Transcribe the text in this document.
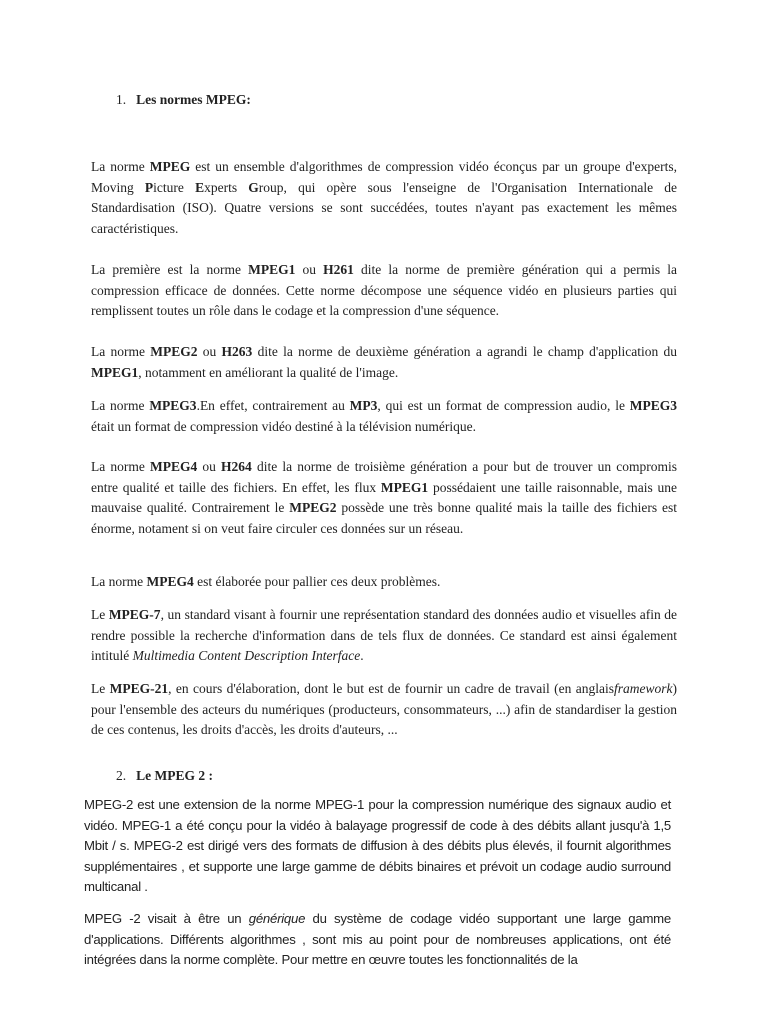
1. Les normes MPEG:

La norme MPEG est un ensemble d'algorithmes de compression vidéo éconçus par un groupe d'experts, Moving Picture Experts Group, qui opère sous l'enseigne de l'Organisation Internationale de Standardisation (ISO). Quatre versions se sont succédées, toutes n'ayant pas exactement les mêmes caractéristiques.

La première est la norme MPEG1 ou H261 dite la norme de première génération qui a permis la compression efficace de données. Cette norme décompose une séquence vidéo en plusieurs parties qui remplissent toutes un rôle dans le codage et la compression d'une séquence.

La norme MPEG2 ou H263 dite la norme de deuxième génération a agrandi le champ d'application du MPEG1, notamment en améliorant la qualité de l'image.

La norme MPEG3.En effet, contrairement au MP3, qui est un format de compression audio, le MPEG3 était un format de compression vidéo destiné à la télévision numérique.

La norme MPEG4 ou H264 dite la norme de troisième génération a pour but de trouver un compromis entre qualité et taille des fichiers. En effet, les flux MPEG1 possédaient une taille raisonnable, mais une mauvaise qualité. Contrairement le MPEG2 possède une très bonne qualité mais la taille des fichiers est énorme, notament si on veut faire circuler ces données sur un réseau.

La norme MPEG4 est élaborée pour pallier ces deux problèmes.

Le MPEG-7, un standard visant à fournir une représentation standard des données audio et visuelles afin de rendre possible la recherche d'information dans de tels flux de données. Ce standard est ainsi également intitulé Multimedia Content Description Interface.

Le MPEG-21, en cours d'élaboration, dont le but est de fournir un cadre de travail (en anglaisframework) pour l'ensemble des acteurs du numériques (producteurs, consommateurs, ...) afin de standardiser la gestion de ces contenus, les droits d'accès, les droits d'auteurs, ...

2. Le MPEG 2 :

MPEG-2 est une extension de la norme MPEG-1 pour la compression numérique des signaux audio et vidéo. MPEG-1 a été conçu pour la vidéo à balayage progressif de code à des débits allant jusqu'à 1,5 Mbit / s. MPEG-2 est dirigé vers des formats de diffusion à des débits plus élevés, il fournit algorithmes supplémentaires , et supporte une large gamme de débits binaires et prévoit un codage audio surround multicanal .

MPEG -2 visait à être un générique du système de codage vidéo supportant une large gamme d'applications. Différents algorithmes , sont mis au point pour de nombreuses applications, ont été intégrées dans la norme complète. Pour mettre en œuvre toutes les fonctionnalités de la
